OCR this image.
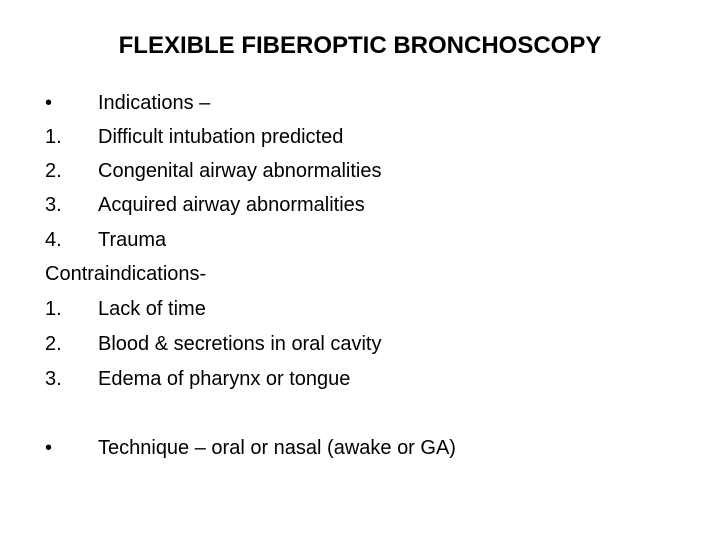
FLEXIBLE FIBEROPTIC BRONCHOSCOPY
• Indications –
1. Difficult intubation predicted
2. Congenital airway abnormalities
3. Acquired airway abnormalities
4. Trauma
Contraindications-
1. Lack of time
2. Blood & secretions in oral cavity
3. Edema of pharynx or tongue
• Technique – oral or nasal (awake or GA)
